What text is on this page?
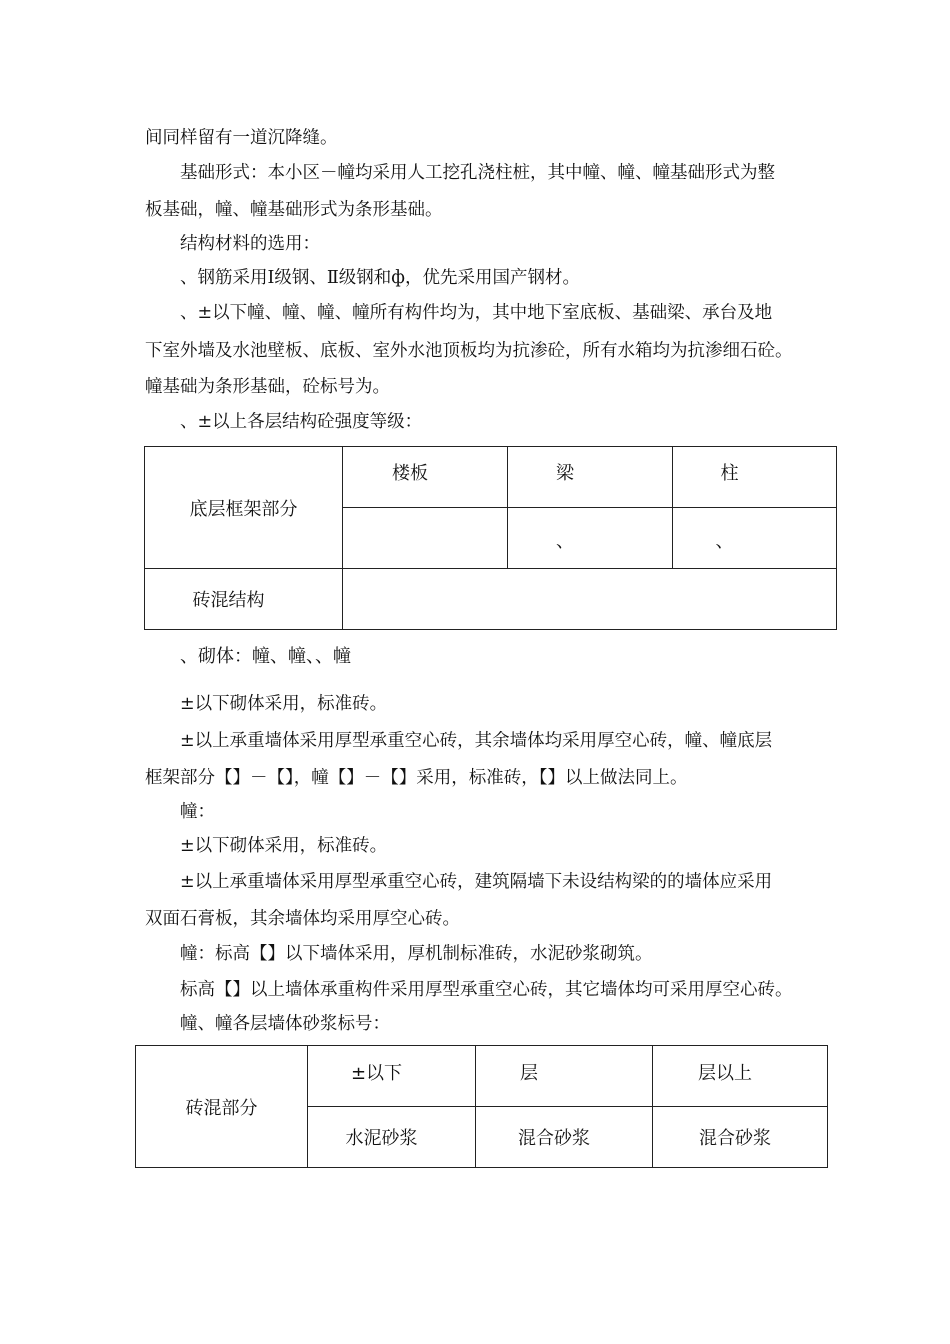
间同样留有一道沉降缝。
基础形式：本小区－幢均采用人工挖孔浇柱桩，其中幢、幢、幢基础形式为整
板基础，幢、幢基础形式为条形基础。
结构材料的选用：
、钢筋采用Ⅰ级钢、Ⅱ级钢和ф，优先采用国产钢材。
、±以下幢、幢、幢、幢所有构件均为，其中地下室底板、基础梁、承台及地
下室外墙及水池壁板、底板、室外水池顶板均为抗渗砼，所有水箱均为抗渗细石砼。
幢基础为条形基础，砼标号为。
、±以上各层结构砼强度等级：
底层框架部分	楼板	梁	柱
		、	、
砖混结构			
、砌体：幢、幢、、幢
±以下砌体采用，标准砖。
±以上承重墙体采用厚型承重空心砖，其余墙体均采用厚空心砖，幢、幢底层
框架部分【】－【】，幢【】－【】采用，标准砖，【】以上做法同上。
幢：
±以下砌体采用，标准砖。
±以上承重墙体采用厚型承重空心砖，建筑隔墙下未设结构梁的的墙体应采用
双面石膏板，其余墙体均采用厚空心砖。
幢：标高【】以下墙体采用，厚机制标准砖，水泥砂浆砌筑。
标高【】以上墙体承重构件采用厚型承重空心砖，其它墙体均可采用厚空心砖。
幢、幢各层墙体砂浆标号：
砖混部分	±以下	层	层以上
	水泥砂浆	混合砂浆	混合砂浆
